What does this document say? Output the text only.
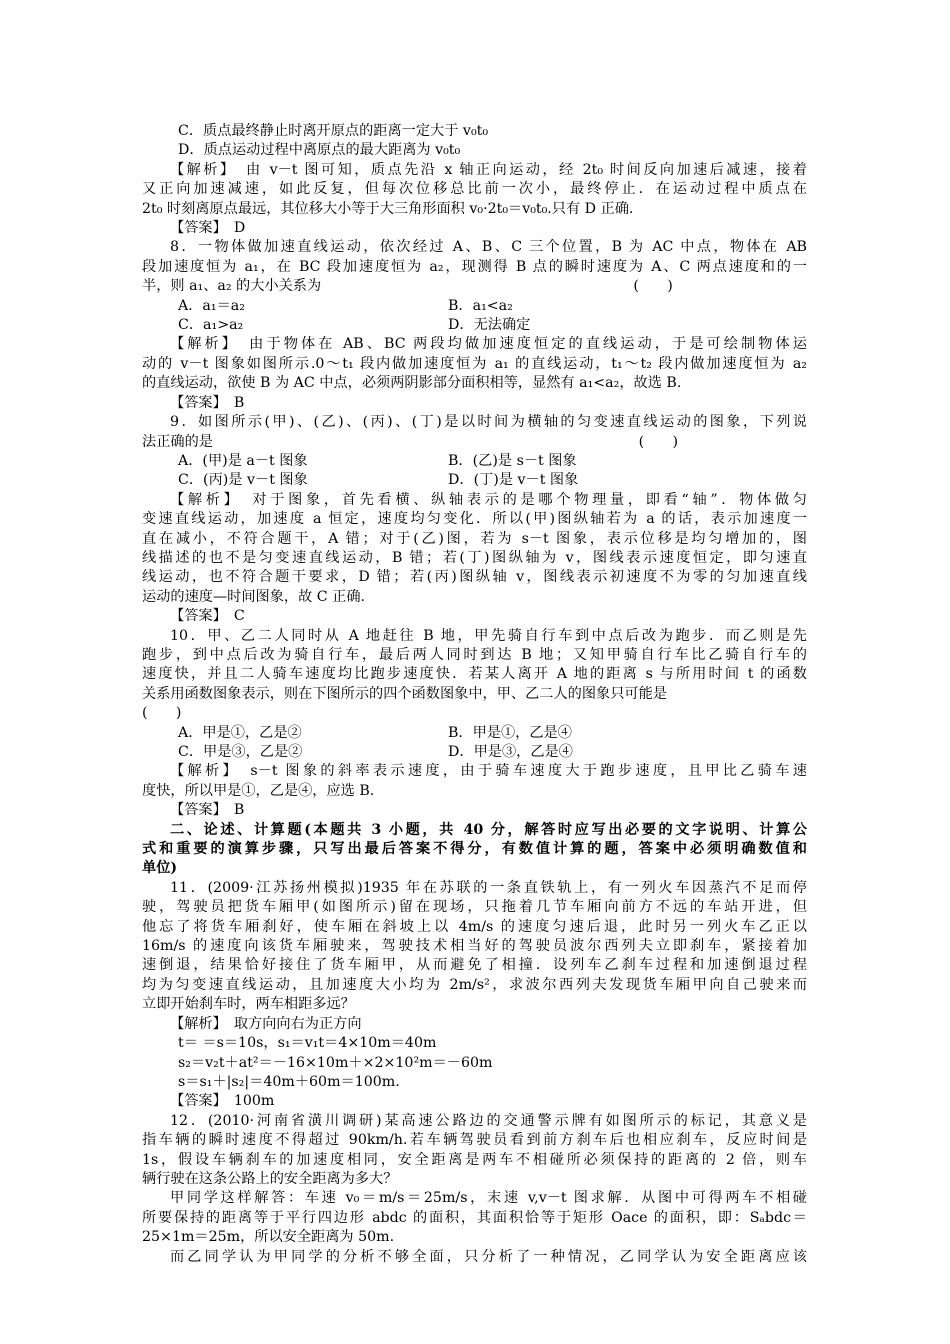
C．质点最终静止时离开原点的距离一定大于 v₀t₀

D．质点运动过程中离原点的最大距离为 v₀t₀

【解析】　由 v－t 图可知，质点先沿 x 轴正向运动，经 2t₀ 时间反向加速后减速，接着

又正向加速减速，如此反复，但每次位移总比前一次小，最终停止．在运动过程中质点在

2t₀ 时刻离原点最远，其位移大小等于大三角形面积 v₀·2t₀＝v₀t₀.只有 D 正确.

【答案】　D

8．一物体做加速直线运动，依次经过 A、B、C 三个位置，B 为 AC 中点，物体在 AB

段加速度恒为 a₁，在 BC 段加速度恒为 a₂，现测得 B 点的瞬时速度为 A、C 两点速度和的一

半，则 a₁、a₂ 的大小关系为　　　　　　　　　　　　　　　　　　　　　　(　　)

A．a₁＝a₂	B．a₁<a₂
C．a₁>a₂	D．无法确定

【解析】　由于物体在 AB、BC 两段均做加速度恒定的直线运动，于是可绘制物体运

动的 v－t 图象如图所示.0～t₁ 段内做加速度恒为 a₁ 的直线运动，t₁～t₂ 段内做加速度恒为 a₂

的直线运动，欲使 B 为 AC 中点，必须两阴影部分面积相等，显然有 a₁<a₂，故选 B.

【答案】　B

9．如图所示(甲)、(乙)、(丙)、(丁)是以时间为横轴的匀变速直线运动的图象，下列说

法正确的是　　　　　　　　　　　　　　　　　　　　　　　　　　　　　　(　　)

A．(甲)是 a－t 图象	B．(乙)是 s－t 图象
C．(丙)是 v－t 图象	D．(丁)是 v－t 图象

【解析】　对于图象，首先看横、纵轴表示的是哪个物理量，即看“轴”．物体做匀

变速直线运动，加速度 a 恒定，速度均匀变化．所以(甲)图纵轴若为 a 的话，表示加速度一

直在减小，不符合题干，A 错；对于(乙)图，若为 s－t 图象，表示位移是均匀增加的，图

线描述的也不是匀变速直线运动，B 错；若(丁)图纵轴为 v，图线表示速度恒定，即匀速直

线运动，也不符合题干要求，D 错；若(丙)图纵轴 v，图线表示初速度不为零的匀加速直线

运动的速度—时间图象，故 C 正确.

【答案】　C

10．甲、乙二人同时从 A 地赶往 B 地，甲先骑自行车到中点后改为跑步．而乙则是先

跑步，到中点后改为骑自行车，最后两人同时到达 B 地；又知甲骑自行车比乙骑自行车的

速度快，并且二人骑车速度均比跑步速度快．若某人离开 A 地的距离 s 与所用时间 t 的函数

关系用函数图象表示，则在下图所示的四个函数图象中，甲、乙二人的图象只可能是

(　　)

A．甲是①，乙是②	B．甲是①，乙是④
C．甲是③，乙是②	D．甲是③，乙是④

【解析】　s－t 图象的斜率表示速度，由于骑车速度大于跑步速度，且甲比乙骑车速

度快，所以甲是①，乙是④，应选 B.

【答案】　B

二、论述、计算题(本题共 3 小题，共 40 分，解答时应写出必要的文字说明、计算公

式和重要的演算步骤，只写出最后答案不得分，有数值计算的题，答案中必须明确数值和

单位)

11．(2009·江苏扬州模拟)1935 年在苏联的一条直铁轨上，有一列火车因蒸汽不足而停

驶，驾驶员把货车厢甲(如图所示)留在现场，只拖着几节车厢向前方不远的车站开进，但

他忘了将货车厢刹好，使车厢在斜坡上以 4m/s 的速度匀速后退，此时另一列火车乙正以

16m/s 的速度向该货车厢驶来，驾驶技术相当好的驾驶员波尔西列夫立即刹车，紧接着加

速倒退，结果恰好接住了货车厢甲，从而避免了相撞．设列车乙刹车过程和加速倒退过程

均为匀变速直线运动，且加速度大小均为 2m/s²，求波尔西列夫发现货车厢甲向自己驶来而

立即开始刹车时，两车相距多远？

【解析】　取方向向右为正方向

t＝ ＝s＝10s，s₁＝v₁t＝4×10m＝40m

s₂＝v₂t＋at²＝－16×10m＋×2×10²m＝－60m

s＝s₁＋|s₂|＝40m＋60m＝100m.

【答案】　100m

12．(2010·河南省潢川调研)某高速公路边的交通警示牌有如图所示的标记，其意义是

指车辆的瞬时速度不得超过 90km/h.若车辆驾驶员看到前方刹车后也相应刹车，反应时间是

1s，假设车辆刹车的加速度相同，安全距离是两车不相碰所必须保持的距离的 2 倍，则车

辆行驶在这条公路上的安全距离为多大？

甲同学这样解答：车速 v₀＝m/s＝25m/s，末速 v,v－t 图求解．从图中可得两车不相碰

所要保持的距离等于平行四边形 abdc 的面积，其面积恰等于矩形 Oace 的面积，即：Sₐbdc＝

25×1m＝25m，所以安全距离为 50m.

而乙同学认为甲同学的分析不够全面，只分析了一种情况，乙同学认为安全距离应该
